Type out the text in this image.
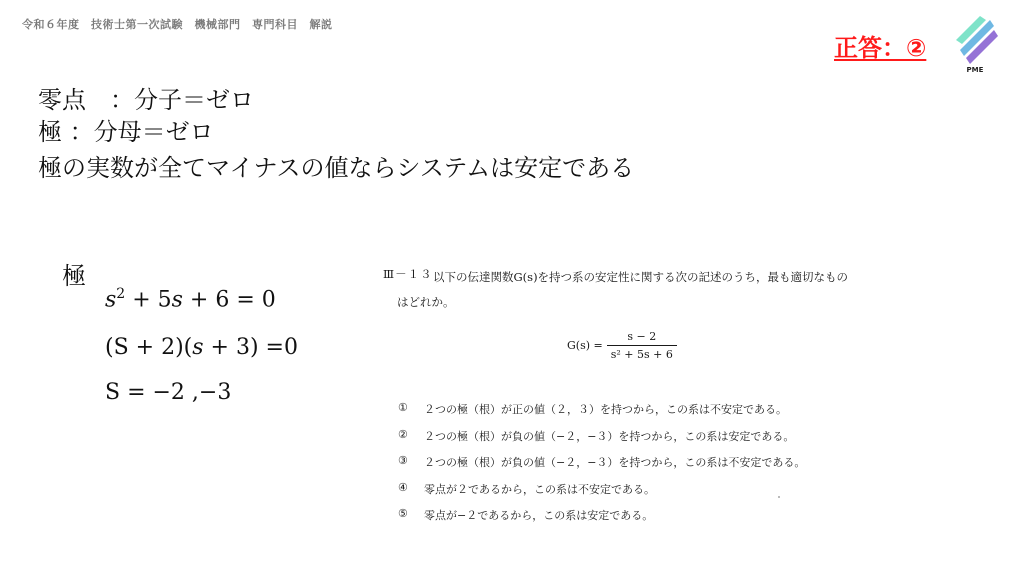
令和６年度　技術士第一次試験　機械部門　専門科目　解説
正答：②
PME
零点　：分子＝ゼロ
極 ：分母＝ゼロ
極の実数が全てマイナスの値ならシステムは安定である
極
$s^2 + 5s + 6 = 0$
(S + 2)(s + 3) =0
S = −2 ,−3
Ⅲ－１３ 以下の伝達関数G(s)を持つ系の安定性に関する次の記述のうち，最も適切なもの
はどれか。
$G(s) = \frac{s - 2}{\text{s² + 5s + 6}}$
①	２つの極（根）が正の値（２，３）を持つから，この系は不安定である。
②	２つの極（根）が負の値（−２，−３）を持つから，この系は安定である。
③	２つの極（根）が負の値（−２，−３）を持つから，この系は不安定である。
④	零点が２であるから，この系は不安定である。
⑤	零点が−２であるから，この系は安定である。
